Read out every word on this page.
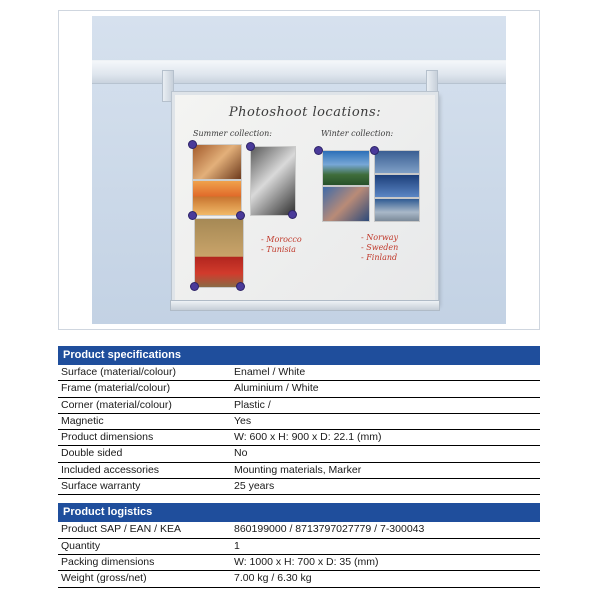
Photoshoot locations:
Summer collection:	Winter collection:
- Morocco
- Tunisia
- Norway
- Sweden
- Finland
Product specifications
Surface (material/colour)	Enamel / White
Frame (material/colour)	Aluminium / White
Corner (material/colour)	Plastic /
Magnetic	Yes
Product dimensions	W: 600 x H: 900 x D: 22.1 (mm)
Double sided	No
Included accessories	Mounting materials, Marker
Surface warranty	25 years
Product logistics
Product SAP / EAN / KEA	860199000 / 8713797027779 / 7-300043
Quantity	1
Packing dimensions	W: 1000 x H: 700 x D: 35 (mm)
Weight (gross/net)	7.00 kg / 6.30 kg
